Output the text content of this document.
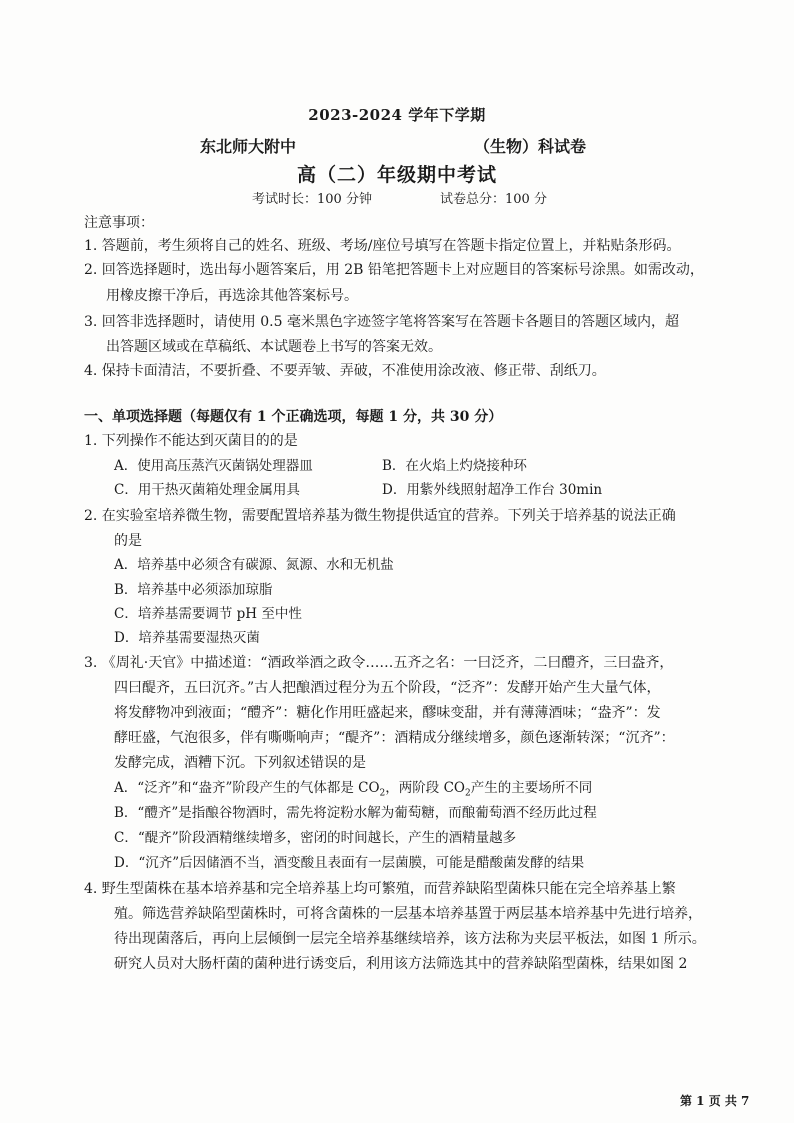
2023-2024 学年下学期
东北师大附中	（生物）科试卷
高（二）年级期中考试
考试时长：100 分钟	试卷总分：100 分
注意事项：
1. 答题前，考生须将自己的姓名、班级、考场/座位号填写在答题卡指定位置上，并粘贴条形码。
2. 回答选择题时，选出每小题答案后，用 2B 铅笔把答题卡上对应题目的答案标号涂黑。如需改动，
用橡皮擦干净后，再选涂其他答案标号。
3. 回答非选择题时，请使用 0.5 毫米黑色字迹签字笔将答案写在答题卡各题目的答题区域内，超
出答题区域或在草稿纸、本试题卷上书写的答案无效。
4. 保持卡面清洁，不要折叠、不要弄皱、弄破，不准使用涂改液、修正带、刮纸刀。
一、单项选择题（每题仅有 1 个正确选项，每题 1 分，共 30 分）
1. 下列操作不能达到灭菌目的的是
A．使用高压蒸汽灭菌锅处理器皿	B．在火焰上灼烧接种环
C．用干热灭菌箱处理金属用具	D．用紫外线照射超净工作台 30min
2. 在实验室培养微生物，需要配置培养基为微生物提供适宜的营养。下列关于培养基的说法正确
的是
A．培养基中必须含有碳源、氮源、水和无机盐
B．培养基中必须添加琼脂
C．培养基需要调节 pH 至中性
D．培养基需要湿热灭菌
3. 《周礼·天官》中描述道：“酒政举酒之政令……五齐之名：一曰泛齐，二曰醴齐，三曰盎齐，
四曰醍齐，五曰沉齐。”古人把酿酒过程分为五个阶段，“泛齐”：发酵开始产生大量气体，
将发酵物冲到液面；“醴齐”：糖化作用旺盛起来，醪味变甜，并有薄薄酒味；“盎齐”：发
酵旺盛，气泡很多，伴有嘶嘶响声；“醍齐”：酒精成分继续增多，颜色逐渐转深；“沉齐”：
发酵完成，酒糟下沉。下列叙述错误的是
A．“泛齐”和“盎齐”阶段产生的气体都是 $CO_2$，两阶段 $CO_2$产生的主要场所不同
B．“醴齐”是指酿谷物酒时，需先将淀粉水解为葡萄糖，而酿葡萄酒不经历此过程
C．“醍齐”阶段酒精继续增多，密闭的时间越长，产生的酒精量越多
D．“沉齐”后因储酒不当，酒变酸且表面有一层菌膜，可能是醋酸菌发酵的结果
4. 野生型菌株在基本培养基和完全培养基上均可繁殖，而营养缺陷型菌株只能在完全培养基上繁
殖。筛选营养缺陷型菌株时，可将含菌株的一层基本培养基置于两层基本培养基中先进行培养，
待出现菌落后，再向上层倾倒一层完全培养基继续培养，该方法称为夹层平板法，如图 1 所示。
研究人员对大肠杆菌的菌种进行诱变后，利用该方法筛选其中的营养缺陷型菌株，结果如图 2
第 1 页 共 7
